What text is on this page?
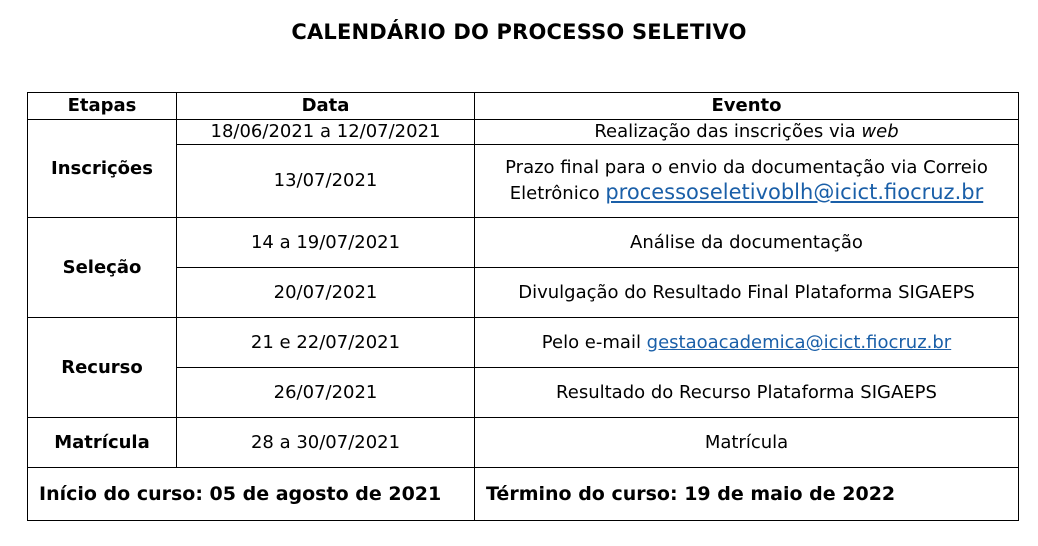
CALENDÁRIO DO PROCESSO SELETIVO
Etapas	Data	Evento
Inscrições	18/06/2021 a 12/07/2021	Realização das inscrições via web
	13/07/2021	Prazo final para o envio da documentação via Correio
Eletrônico processoseletivoblh@icict.fiocruz.br

Seleção	14 a 19/07/2021	Análise da documentação
	20/07/2021	Divulgação do Resultado Final Plataforma SIGAEPS
Recurso	21 e 22/07/2021	Pelo e-mail gestaoacademica@icict.fiocruz.br
	26/07/2021	Resultado do Recurso Plataforma SIGAEPS
Matrícula	28 a 30/07/2021	Matrícula
Início do curso: 05 de agosto de 2021		Término do curso: 19 de maio de 2022
